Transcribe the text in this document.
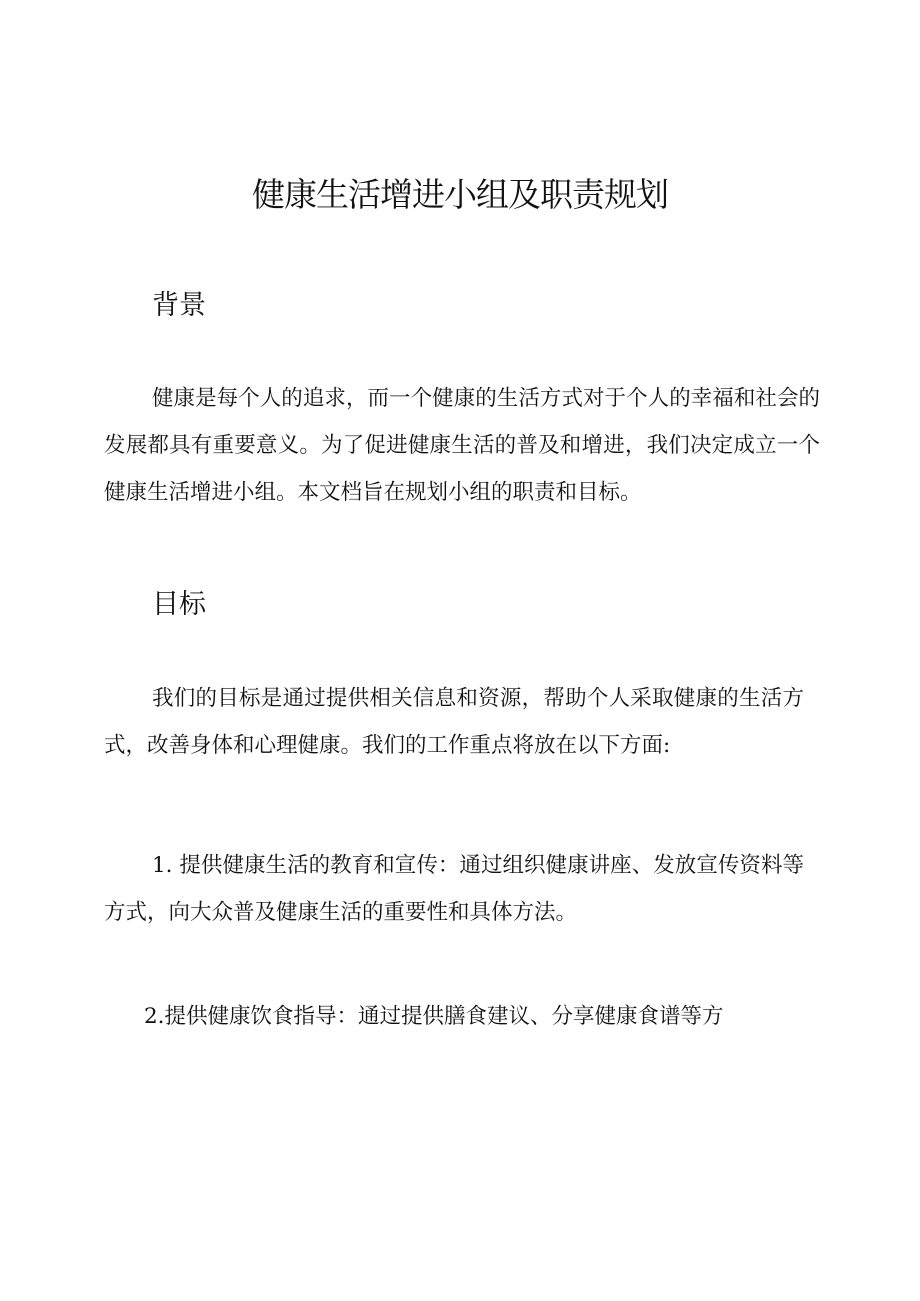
健康生活增进小组及职责规划
背景

健康是每个人的追求，而一个健康的生活方式对于个人的幸福和社会的发展都具有重要意义。为了促进健康生活的普及和增进，我们决定成立一个健康生活增进小组。本文档旨在规划小组的职责和目标。

目标

我们的目标是通过提供相关信息和资源，帮助个人采取健康的生活方式，改善身体和心理健康。我们的工作重点将放在以下方面:

1. 提供健康生活的教育和宣传：通过组织健康讲座、发放宣传资料等方式，向大众普及健康生活的重要性和具体方法。

2.提供健康饮食指导：通过提供膳食建议、分享健康食谱等方
